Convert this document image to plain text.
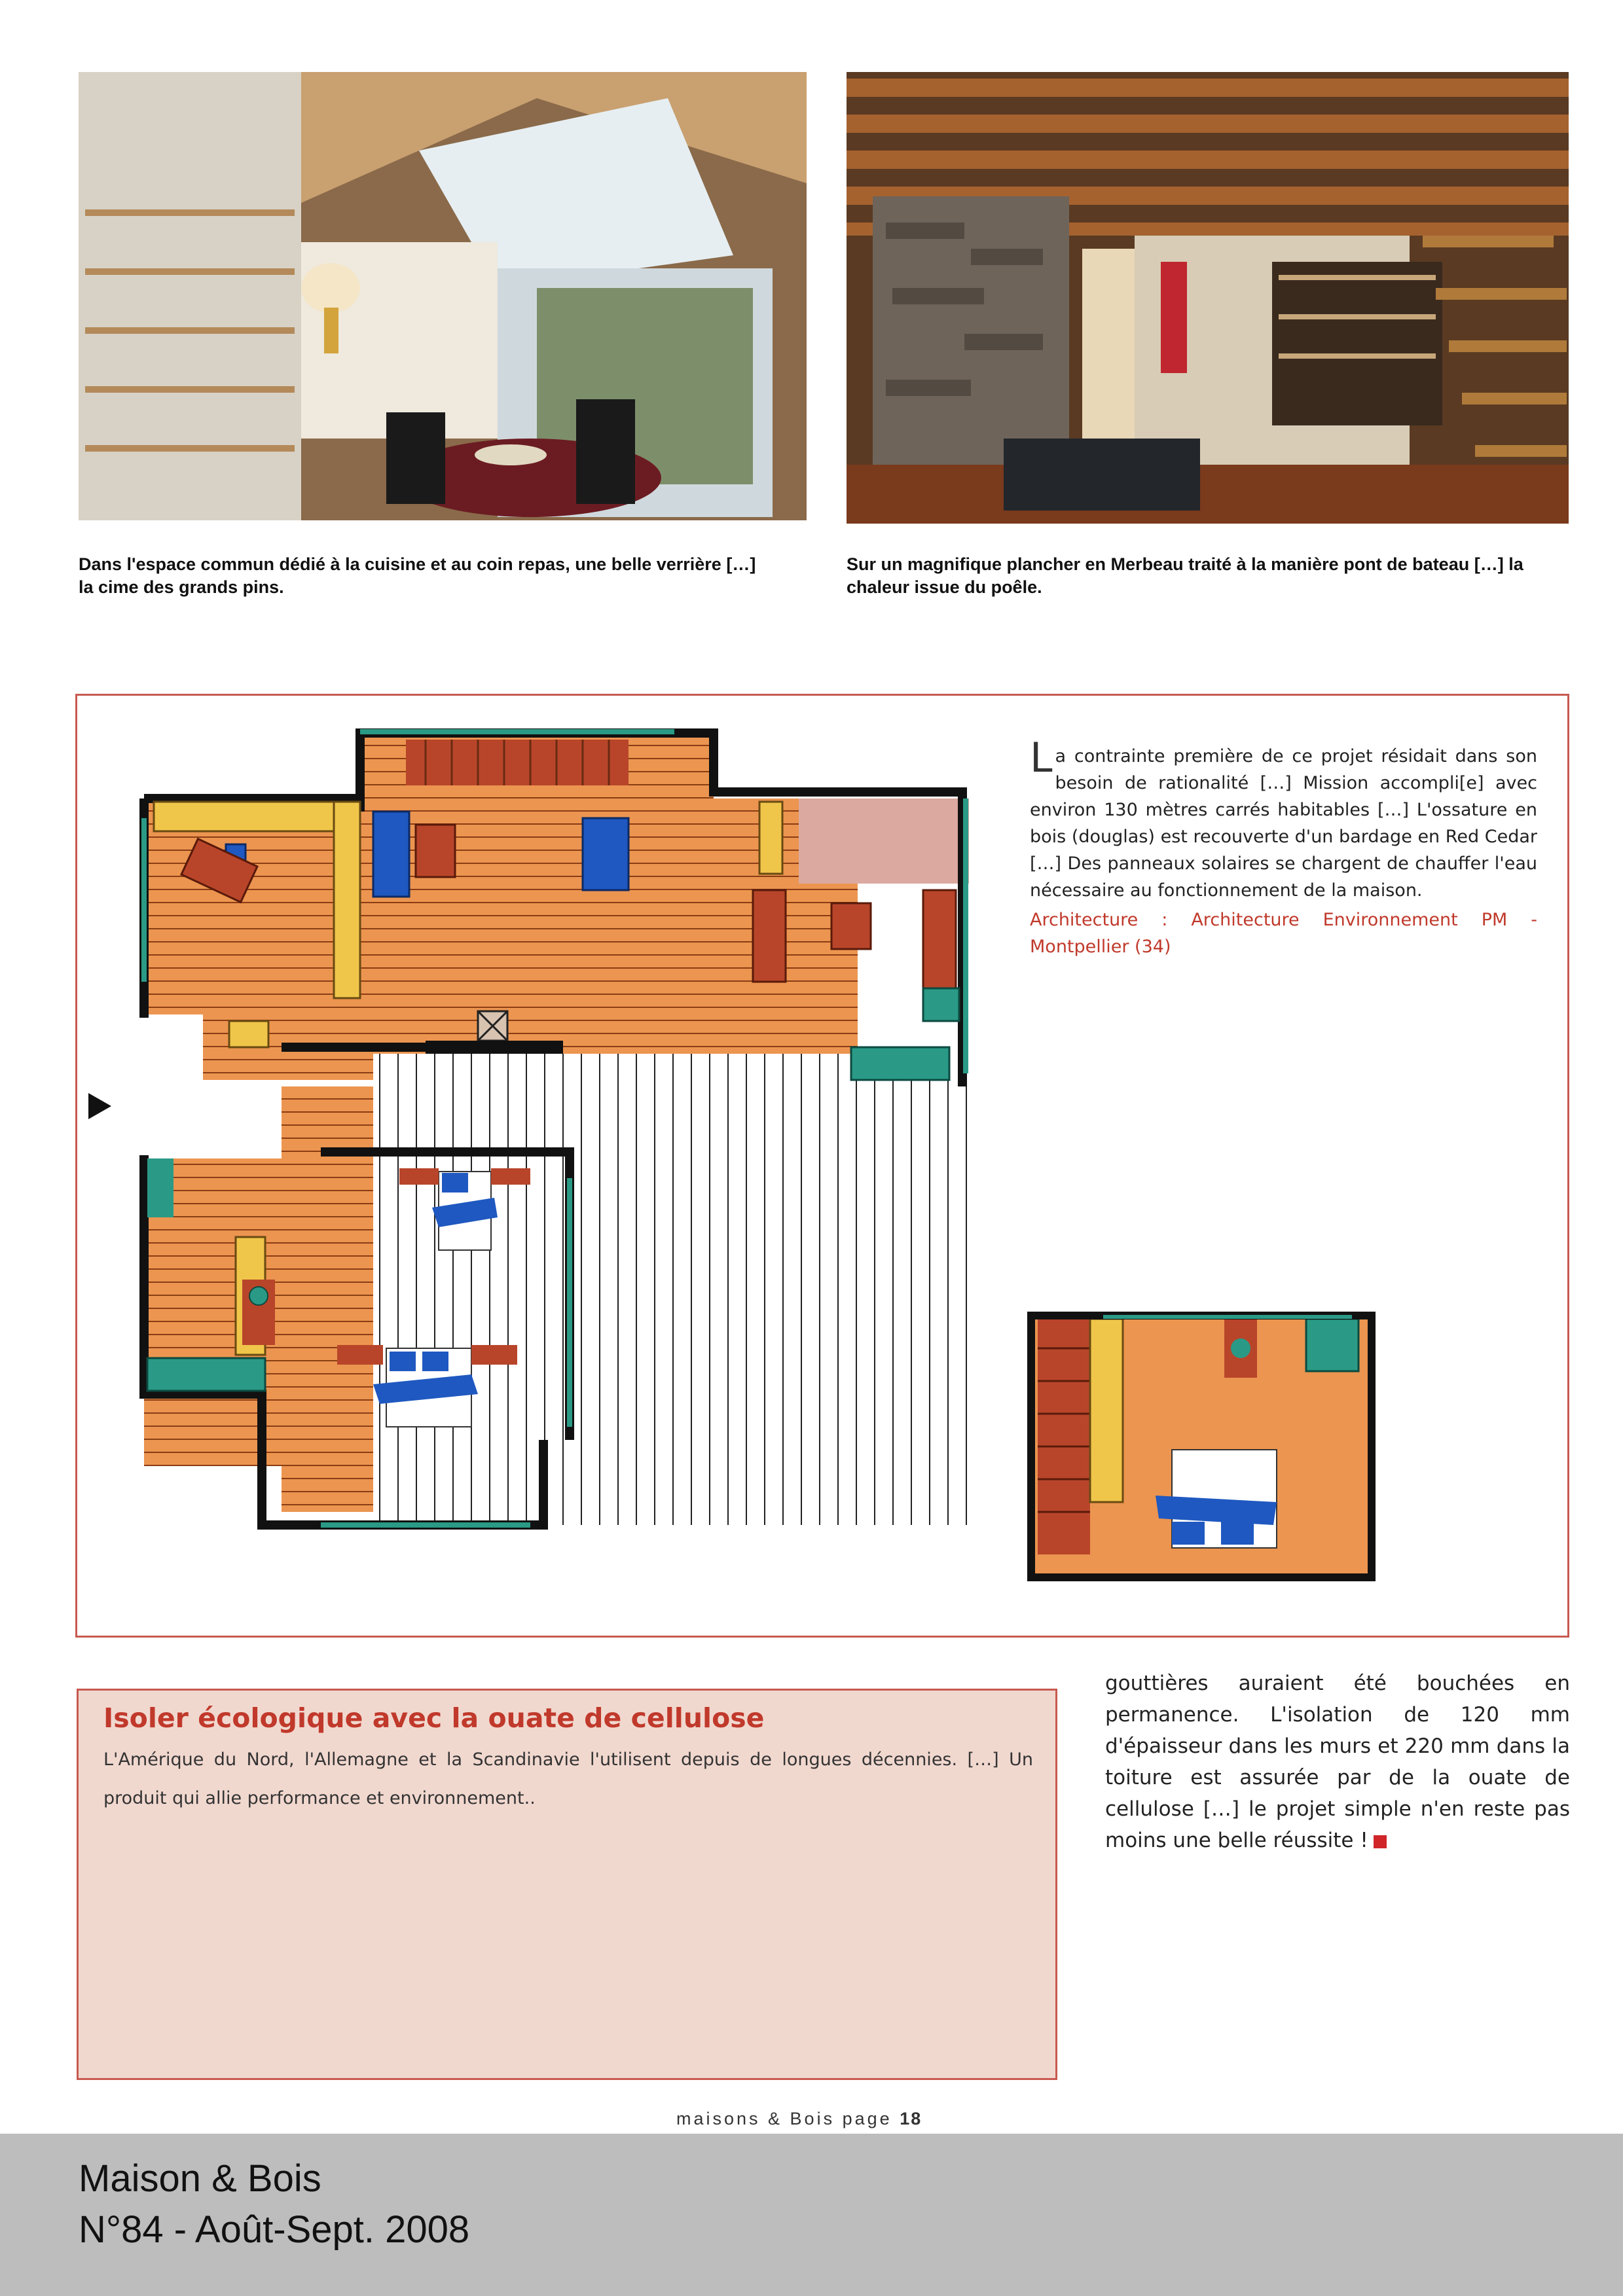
Dans l'espace commun dédié à la cuisine et au coin repas, une belle verrière […] la cime des grands pins.
Sur un magnifique plancher en Merbeau traité à la manière pont de bateau […] la chaleur issue du poêle.
La contrainte première de ce projet résidait dans son besoin de rationalité […] Mission accompli[e] avec environ 130 mètres carrés habitables […] L'ossature en bois (douglas) est recouverte d'un bardage en Red Cedar […] Des panneaux solaires se chargent de chauffer l'eau nécessaire au fonctionnement de la maison.
Architecture : Architecture Environnement PM - Montpellier (34)
Isoler écologique avec la ouate de cellulose
L'Amérique du Nord, l'Allemagne et la Scandinavie l'utilisent depuis de longues décennies. […] Un produit qui allie performance et environnement..
gouttières auraient été bouchées en permanence. L'isolation de 120 mm d'épaisseur dans les murs et 220 mm dans la toiture est assurée par de la ouate de cellulose […] le projet simple n'en reste pas moins une belle réussite !
maisons & Bois page 18
Maison & Bois
N°84 - Août-Sept. 2008
